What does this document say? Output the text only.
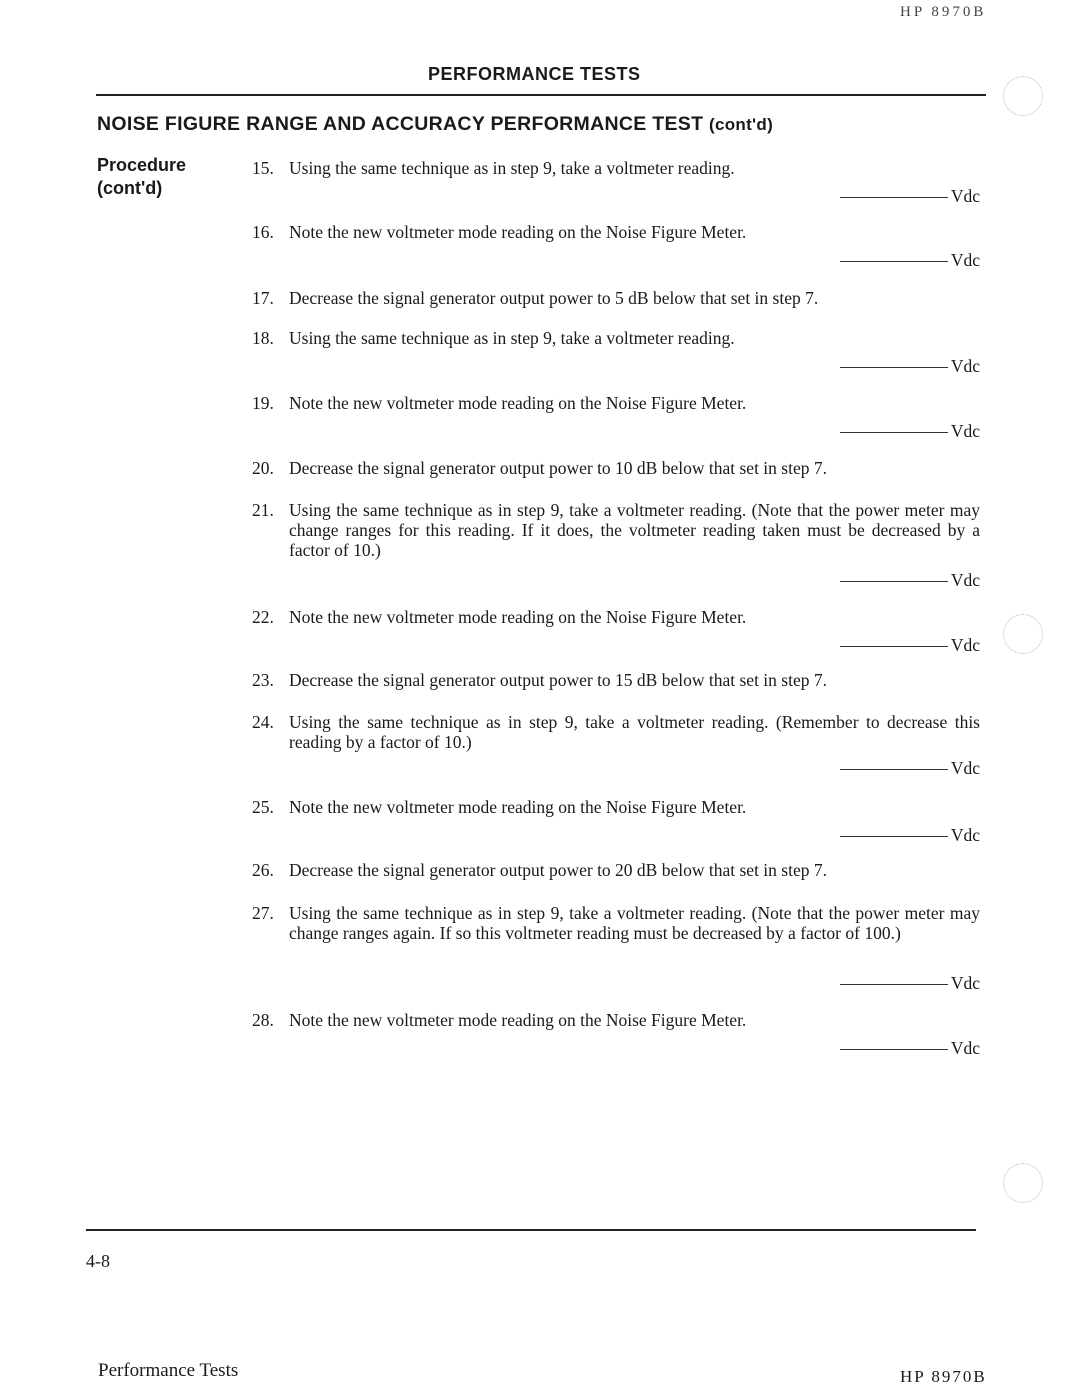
HP 8970B
PERFORMANCE TESTS
NOISE FIGURE RANGE AND ACCURACY PERFORMANCE TEST (cont'd)
Procedure
(cont'd)
15. Using the same technique as in step 9, take a voltmeter reading.
Vdc
16. Note the new voltmeter mode reading on the Noise Figure Meter.
Vdc
17. Decrease the signal generator output power to 5 dB below that set in step 7.
18. Using the same technique as in step 9, take a voltmeter reading.
Vdc
19. Note the new voltmeter mode reading on the Noise Figure Meter.
Vdc
20. Decrease the signal generator output power to 10 dB below that set in step 7.
21. Using the same technique as in step 9, take a voltmeter reading. (Note that the power meter may change ranges for this reading. If it does, the voltmeter reading taken must be decreased by a factor of 10.)
Vdc
22. Note the new voltmeter mode reading on the Noise Figure Meter.
Vdc
23. Decrease the signal generator output power to 15 dB below that set in step 7.
24. Using the same technique as in step 9, take a voltmeter reading. (Remember to decrease this reading by a factor of 10.)
Vdc
25. Note the new voltmeter mode reading on the Noise Figure Meter.
Vdc
26. Decrease the signal generator output power to 20 dB below that set in step 7.
27. Using the same technique as in step 9, take a voltmeter reading. (Note that the power meter may change ranges again. If so this voltmeter reading must be decreased by a factor of 100.)
Vdc
28. Note the new voltmeter mode reading on the Noise Figure Meter.
Vdc
4-8
Performance Tests	HP 8970B
